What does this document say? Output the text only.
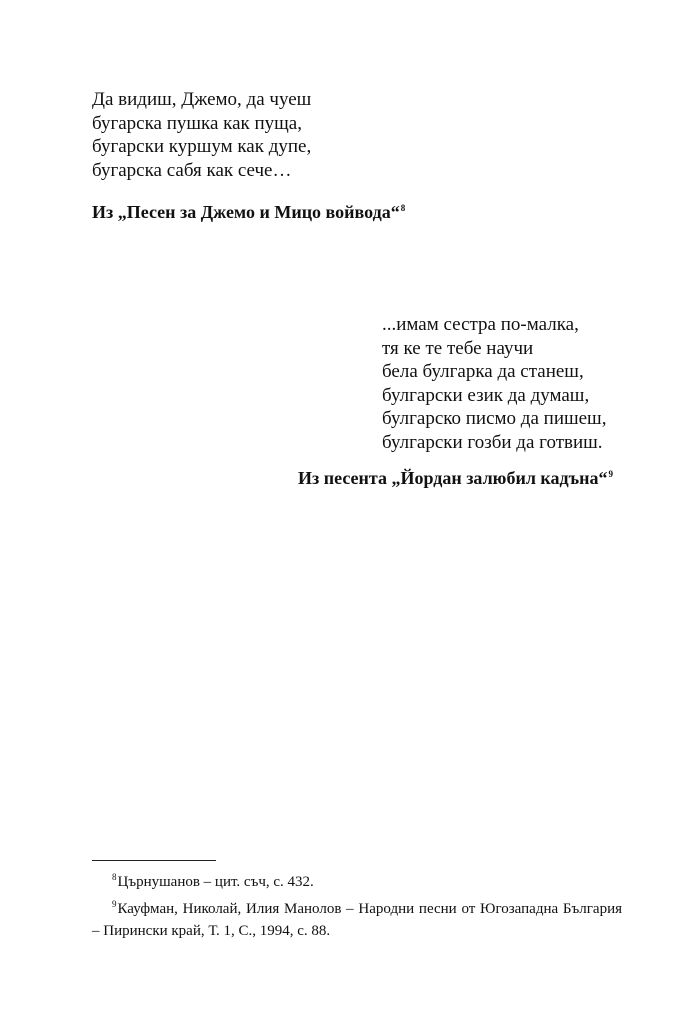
Да видиш, Джемо, да чуеш
бугарска пушка как пуща,
бугарски куршум как дупе,
бугарска сабя как сече…
Из „Песен за Джемо и Мицо войвода“$^8$
...имам сестра по-малка,
тя ке те тебе научи
бела булгарка да станеш,
булгарски език да думаш,
булгарско писмо да пишеш,
булгарски гозби да готвиш.
Из песента „Йордан залюбил кадъна“$^9$

$^8$Църнушанов – цит. съч, с. 432.

$^9$Кауфман, Николай, Илия Манолов – Народни песни от Югозападна България – Пирински край, Т. 1, С., 1994, с. 88.
